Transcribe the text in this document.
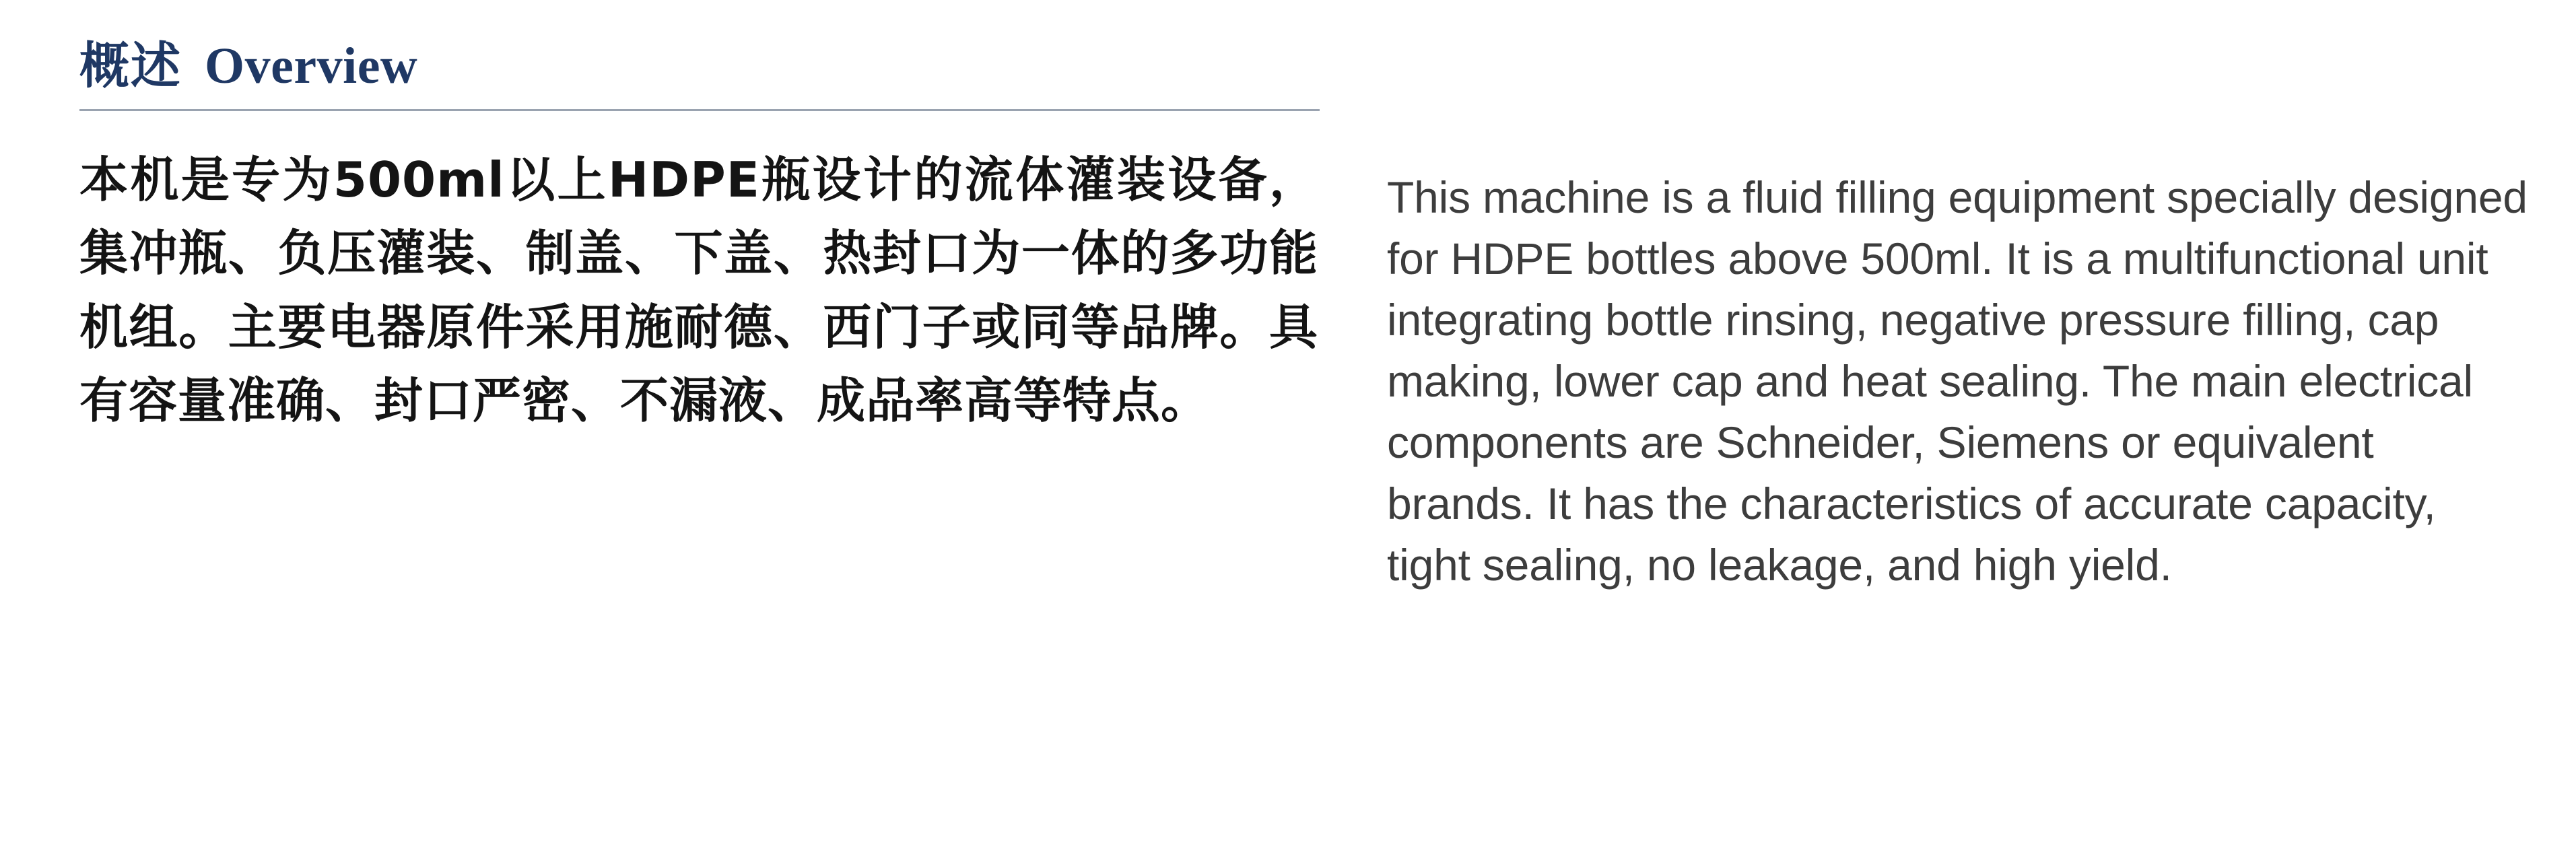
概述 Overview

本机是专为500ml以上HDPE瓶设计的流体灌装设备，集冲瓶、负压灌装、制盖、下盖、热封口为一体的多功能机组。主要电器原件采用施耐德、西门子或同等品牌。具有容量准确、封口严密、不漏液、成品率高等特点。

This machine is a fluid filling equipment specially designed for HDPE bottles above 500ml. It is a multifunctional unit integrating bottle rinsing, negative pressure filling, cap making, lower cap and heat sealing. The main electrical components are Schneider, Siemens or equivalent brands. It has the characteristics of accurate capacity, tight sealing, no leakage, and high yield.
